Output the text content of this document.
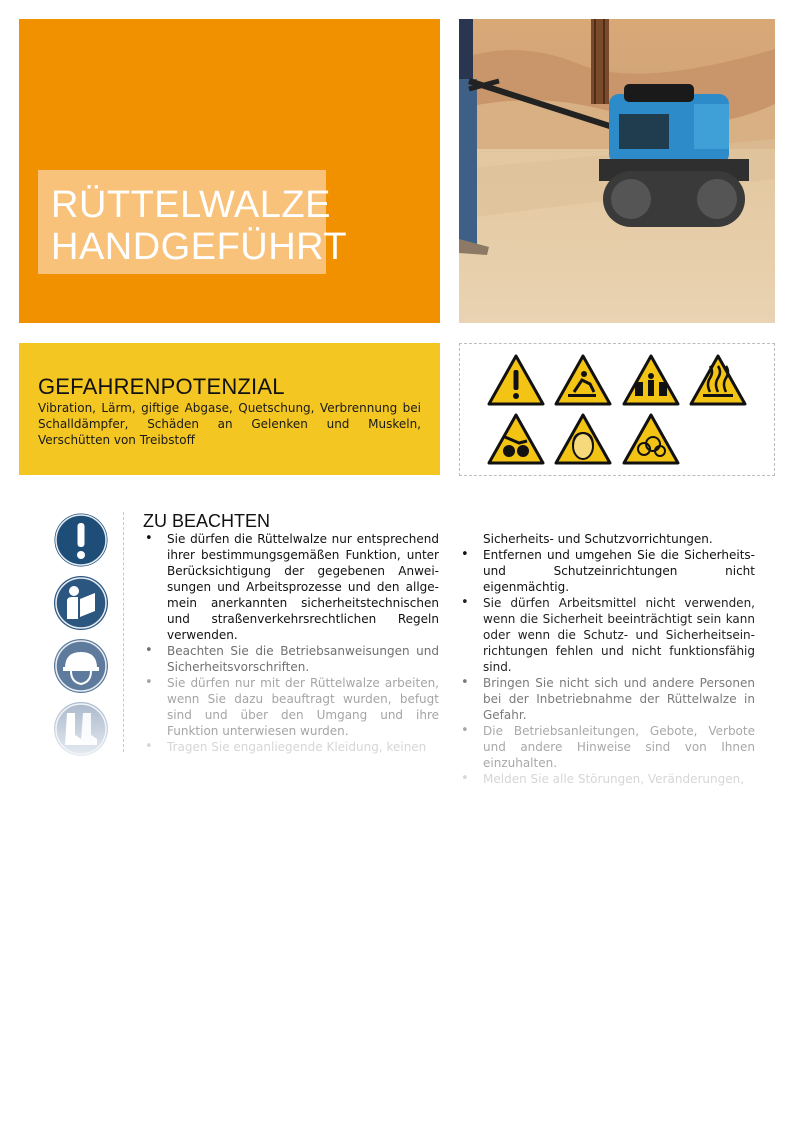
RÜTTELWALZE
HANDGEFÜHRT
GEFAHRENPOTENZIAL
Vibration, Lärm, giftige Abgase, Quetschung, Verbrennung bei Schalldämpfer, Schäden an Gelenken und Muskeln, Verschütten von Treibstoff
ZU BEACHTEN
• Sie dürfen die Rüttelwalze nur entsprechend ihrer bestimmungsgemäßen Funktion, unter Berücksichtigung der gegebenen Anweisungen und Arbeitsprozesse und den allgemein anerkannten sicherheitstechnischen und straßenverkehrsrechtlichen Regeln verwenden.
• Beachten Sie die Betriebsanweisungen und Sicherheitsvorschriften.
• Sie dürfen nur mit der Rüttelwalze arbeiten, wenn Sie dazu beauftragt wurden, befugt sind und über den Umgang und ihre Funktion unterwiesen wurden.
• Tragen Sie enganliegende Kleidung, keinen
Sicherheits- und Schutzvorrichtungen.
• Entfernen und umgehen Sie die Sicherheits- und Schutzeinrichtungen nicht eigenmächtig.
• Sie dürfen Arbeitsmittel nicht verwenden, wenn die Sicherheit beeinträchtigt sein kann oder wenn die Schutz- und Sicherheitseinrichtungen fehlen und nicht funktionsfähig sind.
• Bringen Sie nicht sich und andere Personen bei der Inbetriebnahme der Rüttelwalze in Gefahr.
• Die Betriebsanleitungen, Gebote, Verbote und andere Hinweise sind von Ihnen einzuhalten.
• Melden Sie alle Störungen, Veränderungen,
